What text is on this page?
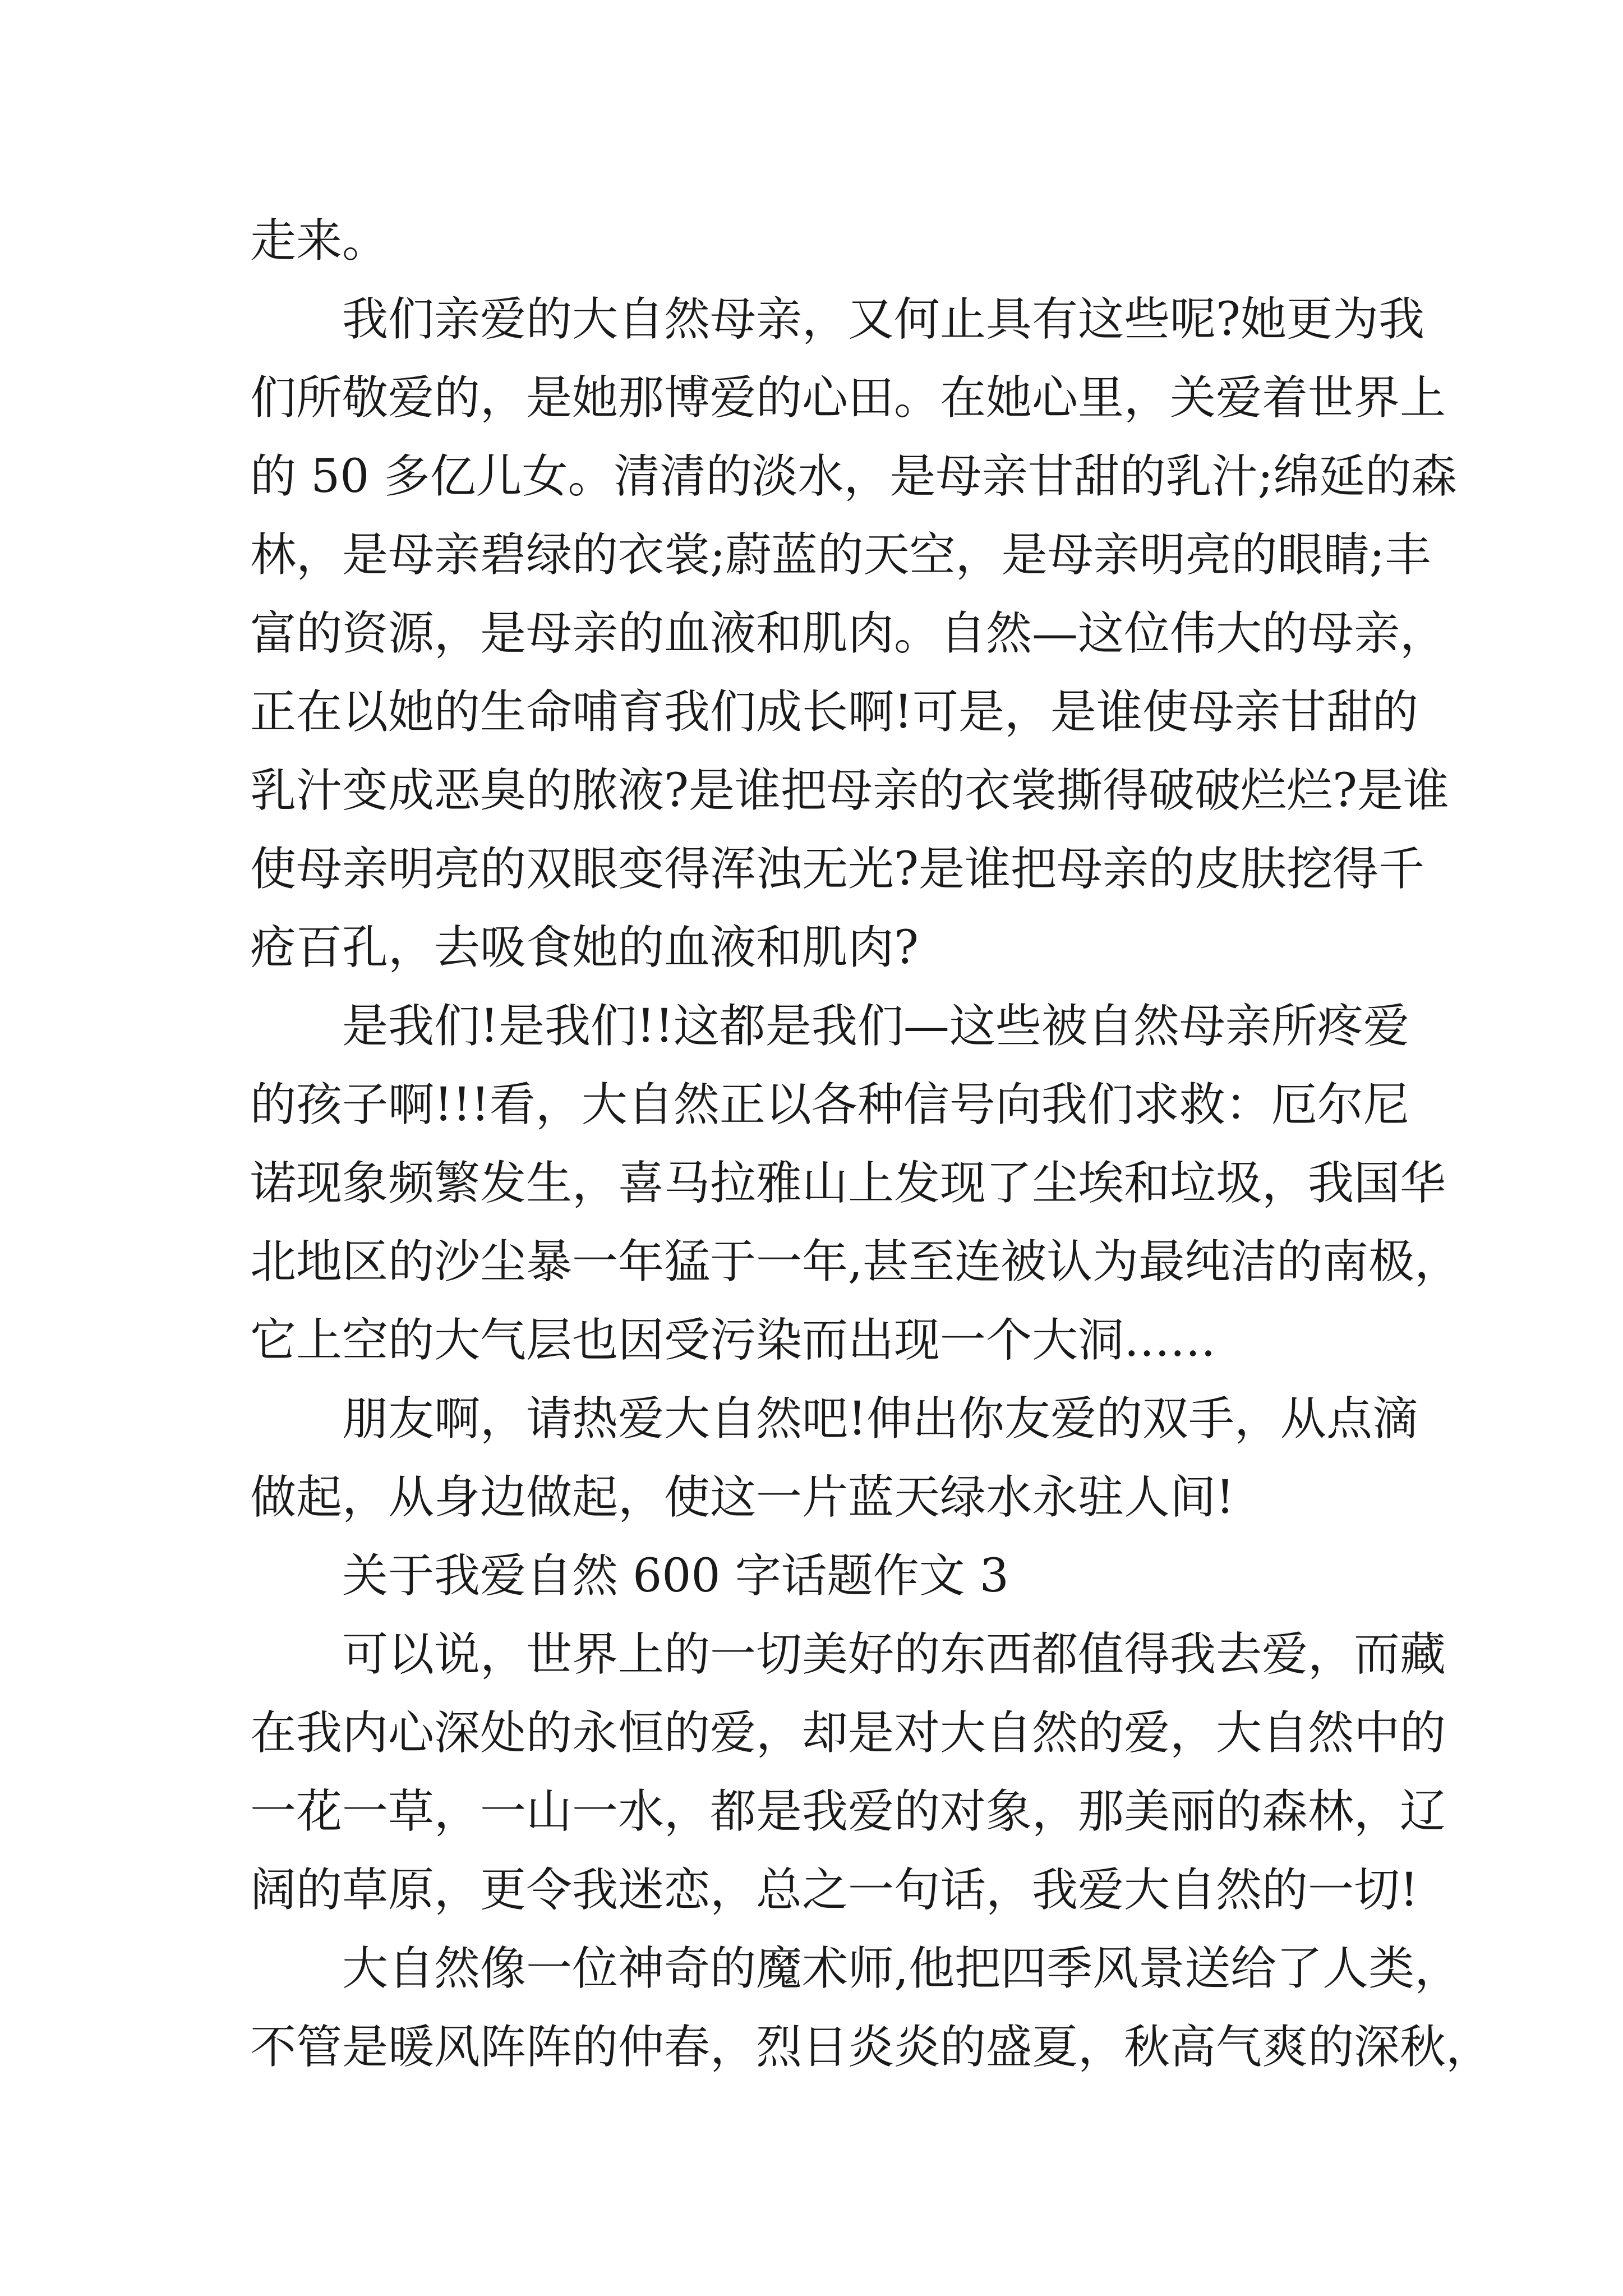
走来。

我们亲爱的大自然母亲，又何止具有这些呢?她更为我

们所敬爱的，是她那博爱的心田。在她心里，关爱着世界上

的 50 多亿儿女。清清的淡水，是母亲甘甜的乳汁;绵延的森

林，是母亲碧绿的衣裳;蔚蓝的天空，是母亲明亮的眼睛;丰

富的资源，是母亲的血液和肌肉。自然—这位伟大的母亲，

正在以她的生命哺育我们成长啊!可是，是谁使母亲甘甜的

乳汁变成恶臭的脓液?是谁把母亲的衣裳撕得破破烂烂?是谁

使母亲明亮的双眼变得浑浊无光?是谁把母亲的皮肤挖得千

疮百孔，去吸食她的血液和肌肉?

是我们!是我们!!这都是我们—这些被自然母亲所疼爱

的孩子啊!!!看，大自然正以各种信号向我们求救：厄尔尼

诺现象频繁发生，喜马拉雅山上发现了尘埃和垃圾，我国华

北地区的沙尘暴一年猛于一年,甚至连被认为最纯洁的南极，

它上空的大气层也因受污染而出现一个大洞……

朋友啊，请热爱大自然吧!伸出你友爱的双手，从点滴

做起，从身边做起，使这一片蓝天绿水永驻人间!

关于我爱自然 600 字话题作文 3

可以说，世界上的一切美好的东西都值得我去爱，而藏

在我内心深处的永恒的爱，却是对大自然的爱，大自然中的

一花一草，一山一水，都是我爱的对象，那美丽的森林，辽

阔的草原，更令我迷恋，总之一句话，我爱大自然的一切!

大自然像一位神奇的魔术师,他把四季风景送给了人类，

不管是暖风阵阵的仲春，烈日炎炎的盛夏，秋高气爽的深秋，
